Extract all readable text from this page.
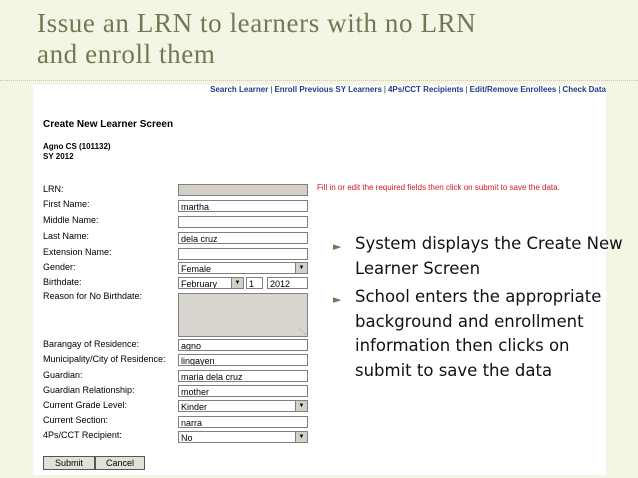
Issue an LRN to learners with no LRN
and enroll them
Search Learner | Enroll Previous SY Learners | 4Ps/CCT Recipients | Edit/Remove Enrollees | Check Data
Create New Learner Screen
Agno CS (101132)
SY 2012
Fill in or edit the required fields then click on submit to save the data.
LRN:
First Name:	martha
Middle Name:
Last Name:	dela cruz
Extension Name:
Gender:	Female	▼
Birthdate:	February	▼ 1	2012
Reason for No Birthdate:
⋱
Barangay of Residence:	agno
Municipality/City of Residence:	lingayen
Guardian:	maria dela cruz
Guardian Relationship:	mother
Current Grade Level:	Kinder	▼
Current Section:	narra
4Ps/CCT Recipient:	No	▼
Submit	Cancel
► System displays the Create New Learner Screen
► School enters the appropriate background and enrollment information then clicks on submit to save the data
